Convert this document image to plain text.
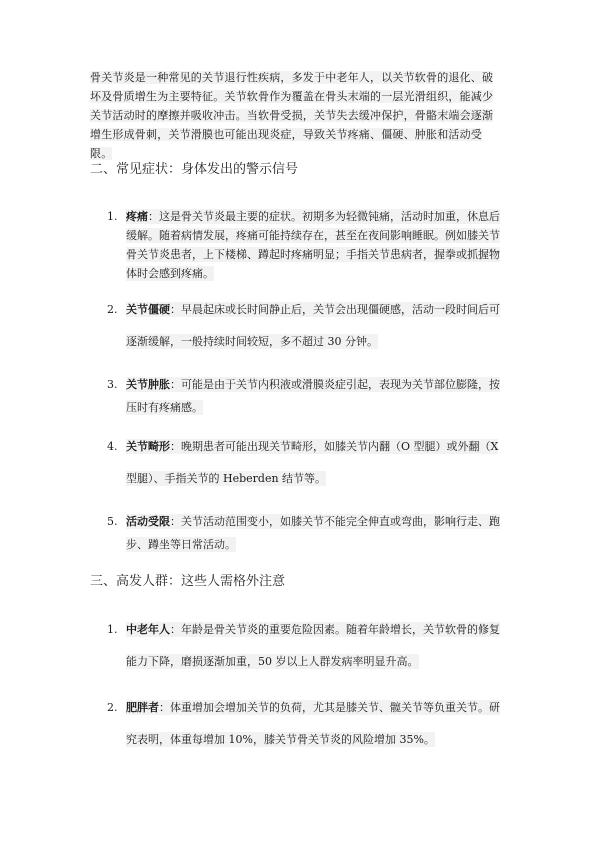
骨关节炎是一种常见的关节退行性疾病，多发于中老年人，以关节软骨的退化、破坏及骨质增生为主要特征。关节软骨作为覆盖在骨头末端的一层光滑组织，能减少关节活动时的摩擦并吸收冲击。当软骨受损，关节失去缓冲保护，骨骼末端会逐渐增生形成骨刺，关节滑膜也可能出现炎症，导致关节疼痛、僵硬、肿胀和活动受限。
二、常见症状：身体发出的警示信号
1. 疼痛：这是骨关节炎最主要的症状。初期多为轻微钝痛，活动时加重，休息后缓解。随着病情发展，疼痛可能持续存在，甚至在夜间影响睡眠。例如膝关节骨关节炎患者，上下楼梯、蹲起时疼痛明显；手指关节患病者，握拳或抓握物体时会感到疼痛。
2. 关节僵硬：早晨起床或长时间静止后，关节会出现僵硬感，活动一段时间后可逐渐缓解，一般持续时间较短，多不超过 30 分钟。
3. 关节肿胀：可能是由于关节内积液或滑膜炎症引起，表现为关节部位膨隆，按压时有疼痛感。
4. 关节畸形：晚期患者可能出现关节畸形，如膝关节内翻（O 型腿）或外翻（X 型腿）、手指关节的 Heberden 结节等。
5. 活动受限：关节活动范围变小，如膝关节不能完全伸直或弯曲，影响行走、跑步、蹲坐等日常活动。
三、高发人群：这些人需格外注意
1. 中老年人：年龄是骨关节炎的重要危险因素。随着年龄增长，关节软骨的修复能力下降，磨损逐渐加重，50 岁以上人群发病率明显升高。
2. 肥胖者：体重增加会增加关节的负荷，尤其是膝关节、髋关节等负重关节。研究表明，体重每增加 10%，膝关节骨关节炎的风险增加 35%。
